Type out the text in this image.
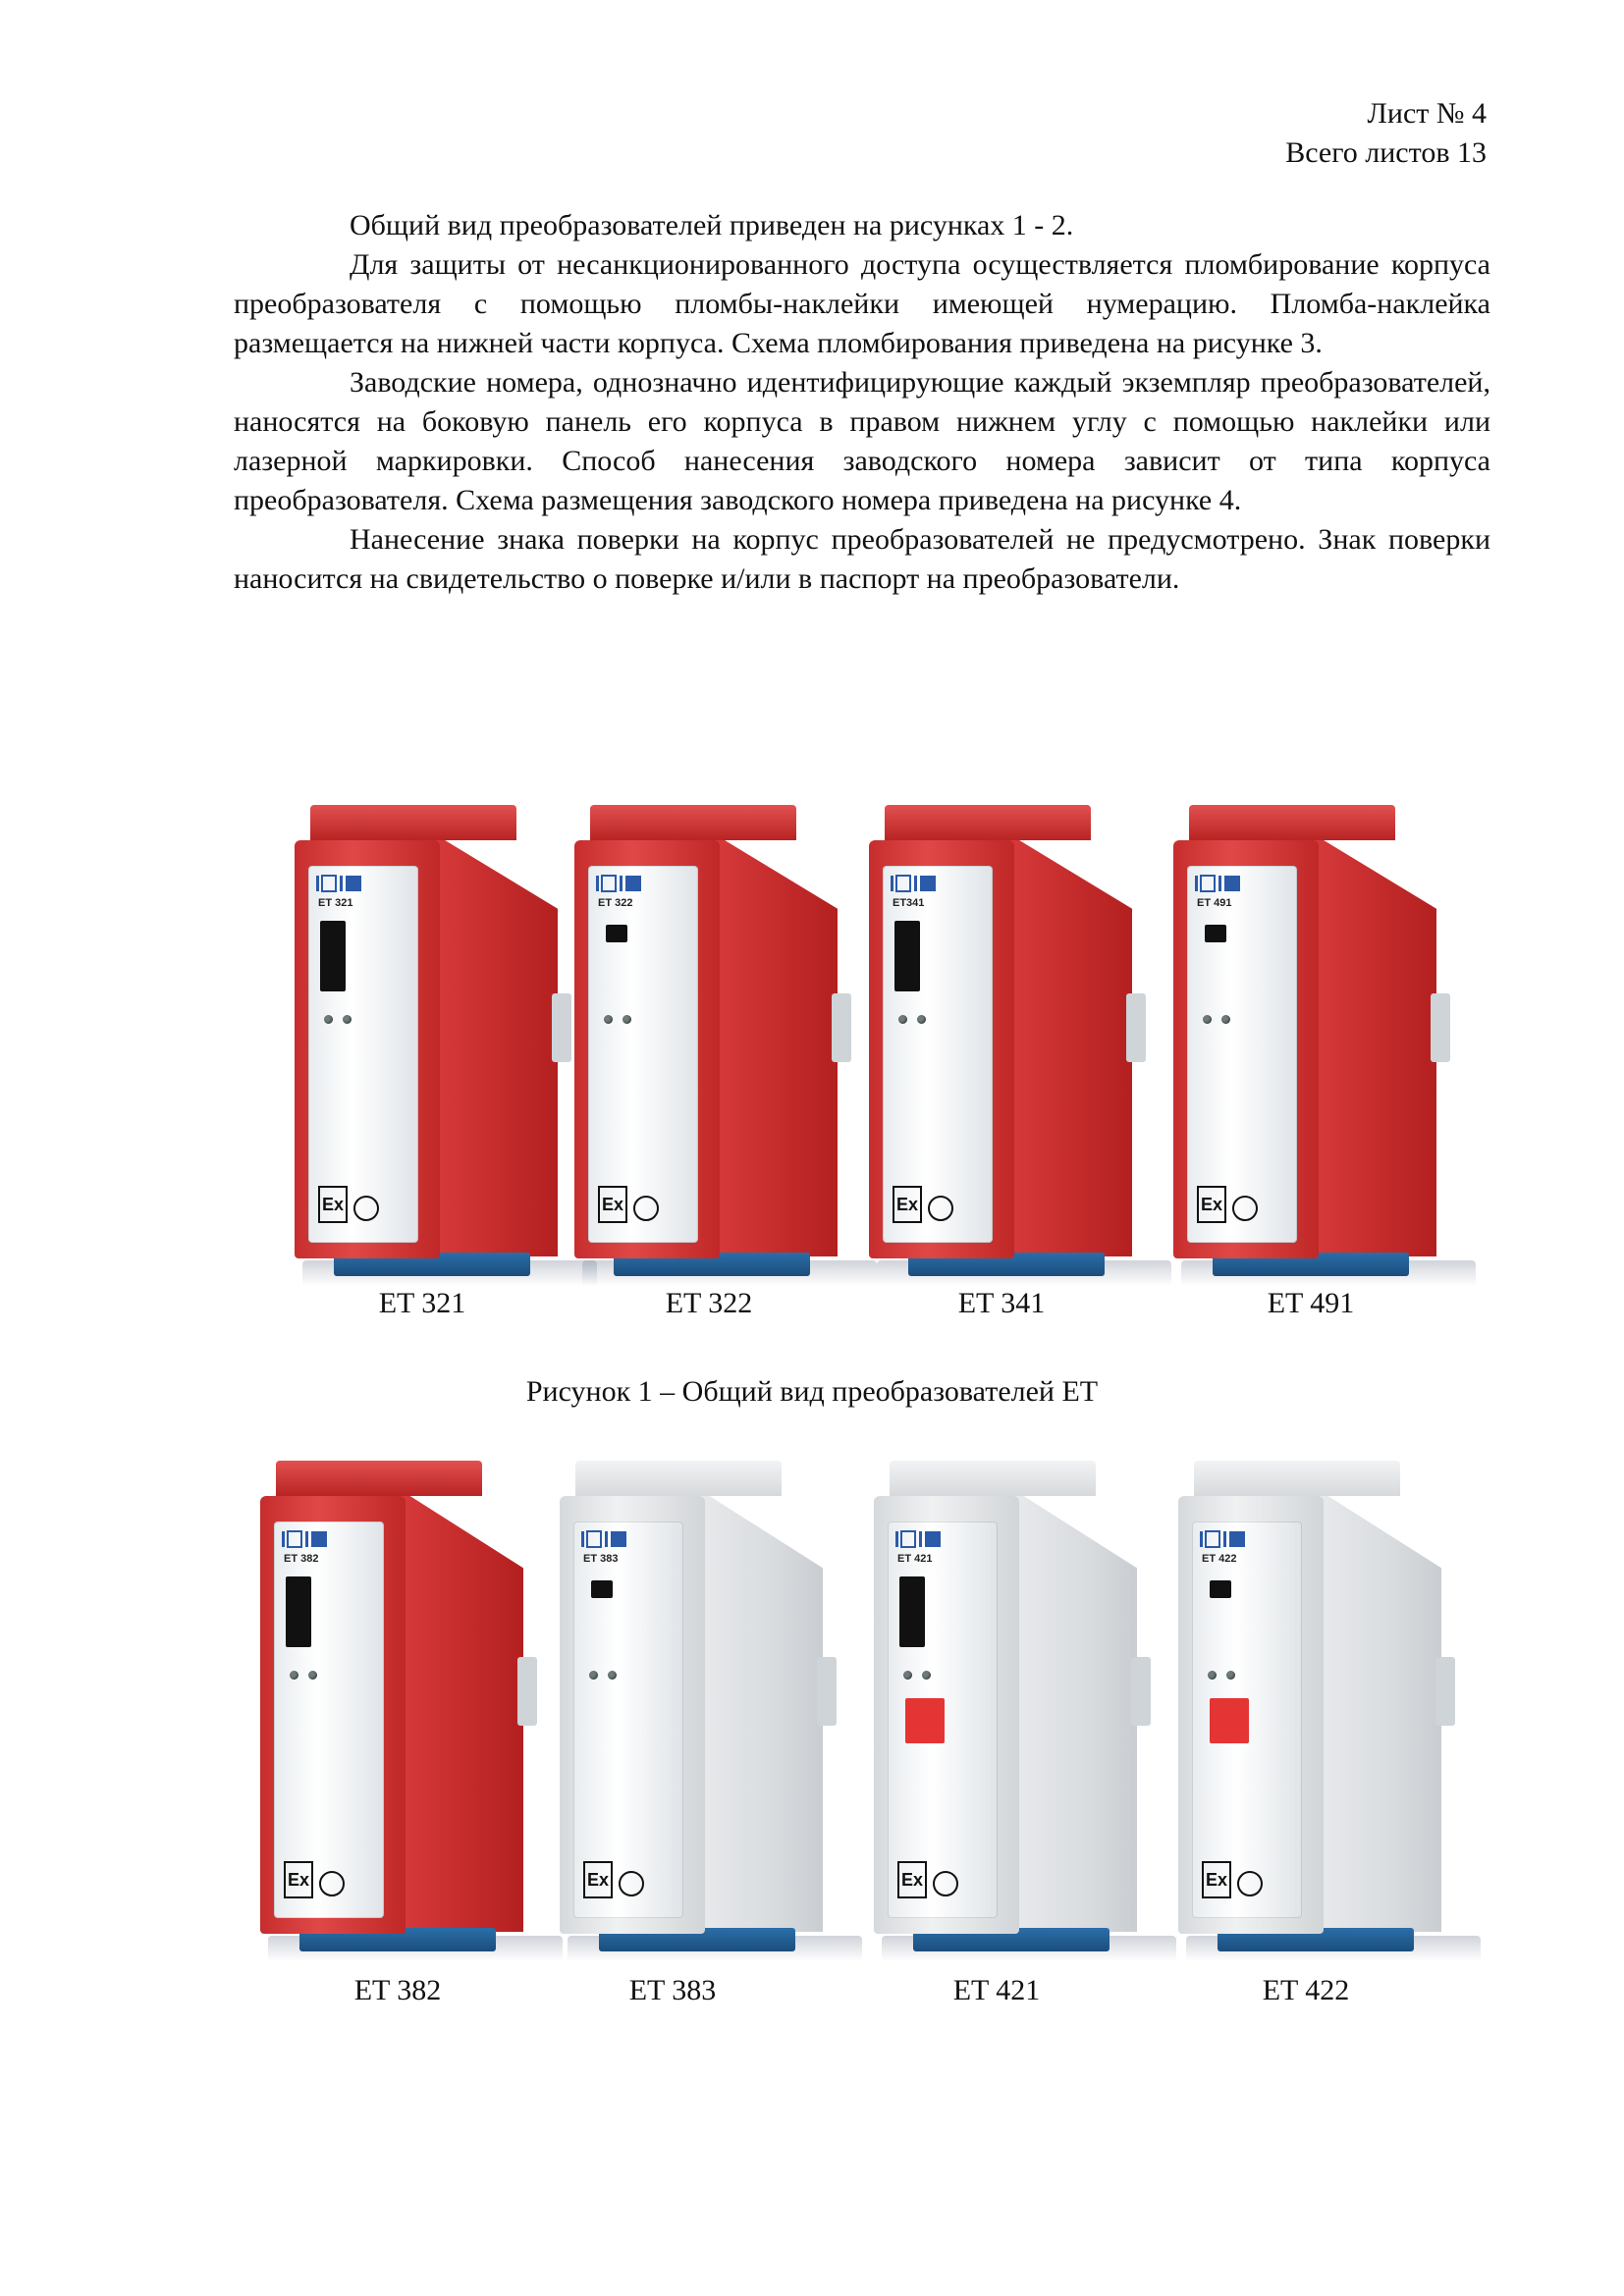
Лист № 4
Всего листов 13

Общий вид преобразователей приведен на рисунках 1 - 2.

Для защиты от несанкционированного доступа осуществляется пломбирование корпуса преобразователя с помощью пломбы-наклейки имеющей нумерацию. Пломба-наклейка размещается на нижней части корпуса. Схема пломбирования приведена на рисунке 3.

Заводские номера, однозначно идентифицирующие каждый экземпляр преобразователей, наносятся на боковую панель его корпуса в правом нижнем углу с помощью наклейки или лазерной маркировки. Способ нанесения заводского номера зависит от типа корпуса преобразователя. Схема размещения заводского номера приведена на рисунке 4.

Нанесение знака поверки на корпус преобразователей не предусмотрено. Знак поверки наносится на свидетельство о поверке и/или в паспорт на преобразователи.

ET 321
Ex
ET 321
ET 322
Ex
ET 322
ET341
Ex
ET 341
ET 491
Ex
ET 491
Рисунок 1 – Общий вид преобразователей ЕТ
ET 382
Ex
ET 382
ET 383
Ex
ET 383
ET 421
Ex
ET 421
ET 422
Ex
ET 422
